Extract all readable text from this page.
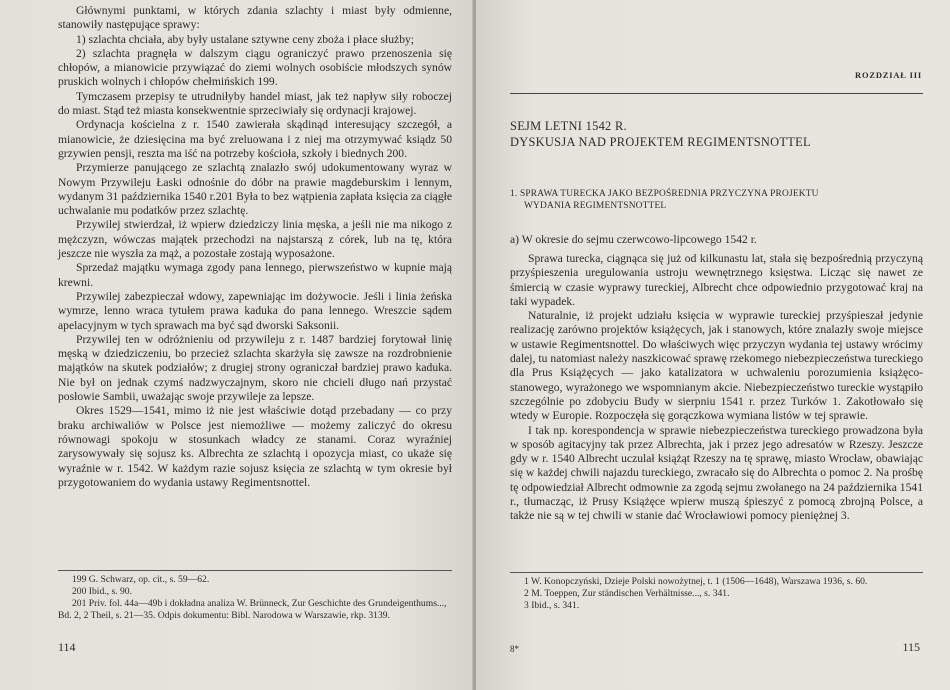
Głównymi punktami, w których zdania szlachty i miast były odmienne, stanowiły następujące sprawy:

1) szlachta chciała, aby były ustalane sztywne ceny zboża i płace służby;

2) szlachta pragnęła w dalszym ciągu ograniczyć prawo przenoszenia się chłopów, a mianowicie przywiązać do ziemi wolnych osobiście młodszych synów pruskich wolnych i chłopów chełmińskich 199.

Tymczasem przepisy te utrudniłyby handel miast, jak też napływ siły roboczej do miast. Stąd też miasta konsekwentnie sprzeciwiały się ordynacji krajowej.

Ordynacja kościelna z r. 1540 zawierała skądinąd interesujący szczegół, a mianowicie, że dziesięcina ma być zreluowana i z niej ma otrzymywać ksiądz 50 grzywien pensji, reszta ma iść na potrzeby kościoła, szkoły i biednych 200.

Przymierze panującego ze szlachtą znalazło swój udokumentowany wyraz w Nowym Przywileju Łaski odnośnie do dóbr na prawie magdeburskim i lennym, wydanym 31 października 1540 r.201 Była to bez wątpienia zapłata księcia za ciągłe uchwalanie mu podatków przez szlachtę.

Przywilej stwierdzał, iż wpierw dziedziczy linia męska, a jeśli nie ma nikogo z mężczyzn, wówczas majątek przechodzi na najstarszą z córek, lub na tę, która jeszcze nie wyszła za mąż, a pozostałe zostają wyposażone.

Sprzedaż majątku wymaga zgody pana lennego, pierwszeństwo w kupnie mają krewni.

Przywilej zabezpieczał wdowy, zapewniając im dożywocie. Jeśli i linia żeńska wymrze, lenno wraca tytułem prawa kaduka do pana lennego. Wreszcie sądem apelacyjnym w tych sprawach ma być sąd dworski Saksonii.

Przywilej ten w odróżnieniu od przywileju z r. 1487 bardziej forytował linię męską w dziedziczeniu, bo przecież szlachta skarżyła się zawsze na rozdrobnienie majątków na skutek podziałów; z drugiej strony ograniczał bardziej prawo kaduka. Nie był on jednak czymś nadzwyczajnym, skoro nie chcieli długo nań przystać posłowie Sambii, uważając swoje przywileje za lepsze.

Okres 1529—1541, mimo iż nie jest właściwie dotąd przebadany — co przy braku archiwaliów w Polsce jest niemożliwe — możemy zaliczyć do okresu równowagi spokoju w stosunkach władcy ze stanami. Coraz wyraźniej zarysowywały się sojusz ks. Albrechta ze szlachtą i opozycja miast, co ukaże się wyraźnie w r. 1542. W każdym razie sojusz księcia ze szlachtą w tym okresie był przygotowaniem do wydania ustawy Regimentsnottel.

199 G. Schwarz, op. cit., s. 59—62.

200 Ibid., s. 90.

201 Priv. fol. 44a—49b i dokładna analiza W. Brünneck, Zur Geschichte des Grundeigenthums..., Bd. 2, 2 Theil, s. 21—35. Odpis dokumentu: Bibl. Narodowa w Warszawie, rkp. 3139.

114
ROZDZIAŁ III
SEJM LETNI 1542 R.
DYSKUSJA NAD PROJEKTEM REGIMENTSNOTTEL
1. SPRAWA TURECKA JAKO BEZPOŚREDNIA PRZYCZYNA PROJEKTU
WYDANIA REGIMENTSNOTTEL
a) W okresie do sejmu czerwcowo-lipcowego 1542 r.

Sprawa turecka, ciągnąca się już od kilkunastu lat, stała się bezpośrednią przyczyną przyśpieszenia uregulowania ustroju wewnętrznego księstwa. Licząc się nawet ze śmiercią w czasie wyprawy tureckiej, Albrecht chce odpowiednio przygotować kraj na taki wypadek.

Naturalnie, iż projekt udziału księcia w wyprawie tureckiej przyśpieszał jedynie realizację zarówno projektów książęcych, jak i stanowych, które znalazły swoje miejsce w ustawie Regimentsnottel. Do właściwych więc przyczyn wydania tej ustawy wrócimy dalej, tu natomiast należy naszkicować sprawę rzekomego niebezpieczeństwa tureckiego dla Prus Książęcych — jako katalizatora w uchwaleniu porozumienia książęco-stanowego, wyrażonego we wspomnianym akcie. Niebezpieczeństwo tureckie wystąpiło szczególnie po zdobyciu Budy w sierpniu 1541 r. przez Turków 1. Zakotłowało się wtedy w Europie. Rozpoczęła się gorączkowa wymiana listów w tej sprawie.

I tak np. korespondencja w sprawie niebezpieczeństwa tureckiego prowadzona była w sposób agitacyjny tak przez Albrechta, jak i przez jego adresatów w Rzeszy. Jeszcze gdy w r. 1540 Albrecht uczulał książąt Rzeszy na tę sprawę, miasto Wrocław, obawiając się w każdej chwili najazdu tureckiego, zwracało się do Albrechta o pomoc 2. Na prośbę tę odpowiedział Albrecht odmownie za zgodą sejmu zwołanego na 24 października 1541 r., tłumacząc, iż Prusy Książęce wpierw muszą śpieszyć z pomocą zbrojną Polsce, a także nie są w tej chwili w stanie dać Wrocławiowi pomocy pieniężnej 3.

1 W. Konopczyński, Dzieje Polski nowożytnej, t. 1 (1506—1648), Warszawa 1936, s. 60.

2 M. Toeppen, Zur ständischen Verhältnisse..., s. 341.

3 Ibid., s. 341.

8*	115
